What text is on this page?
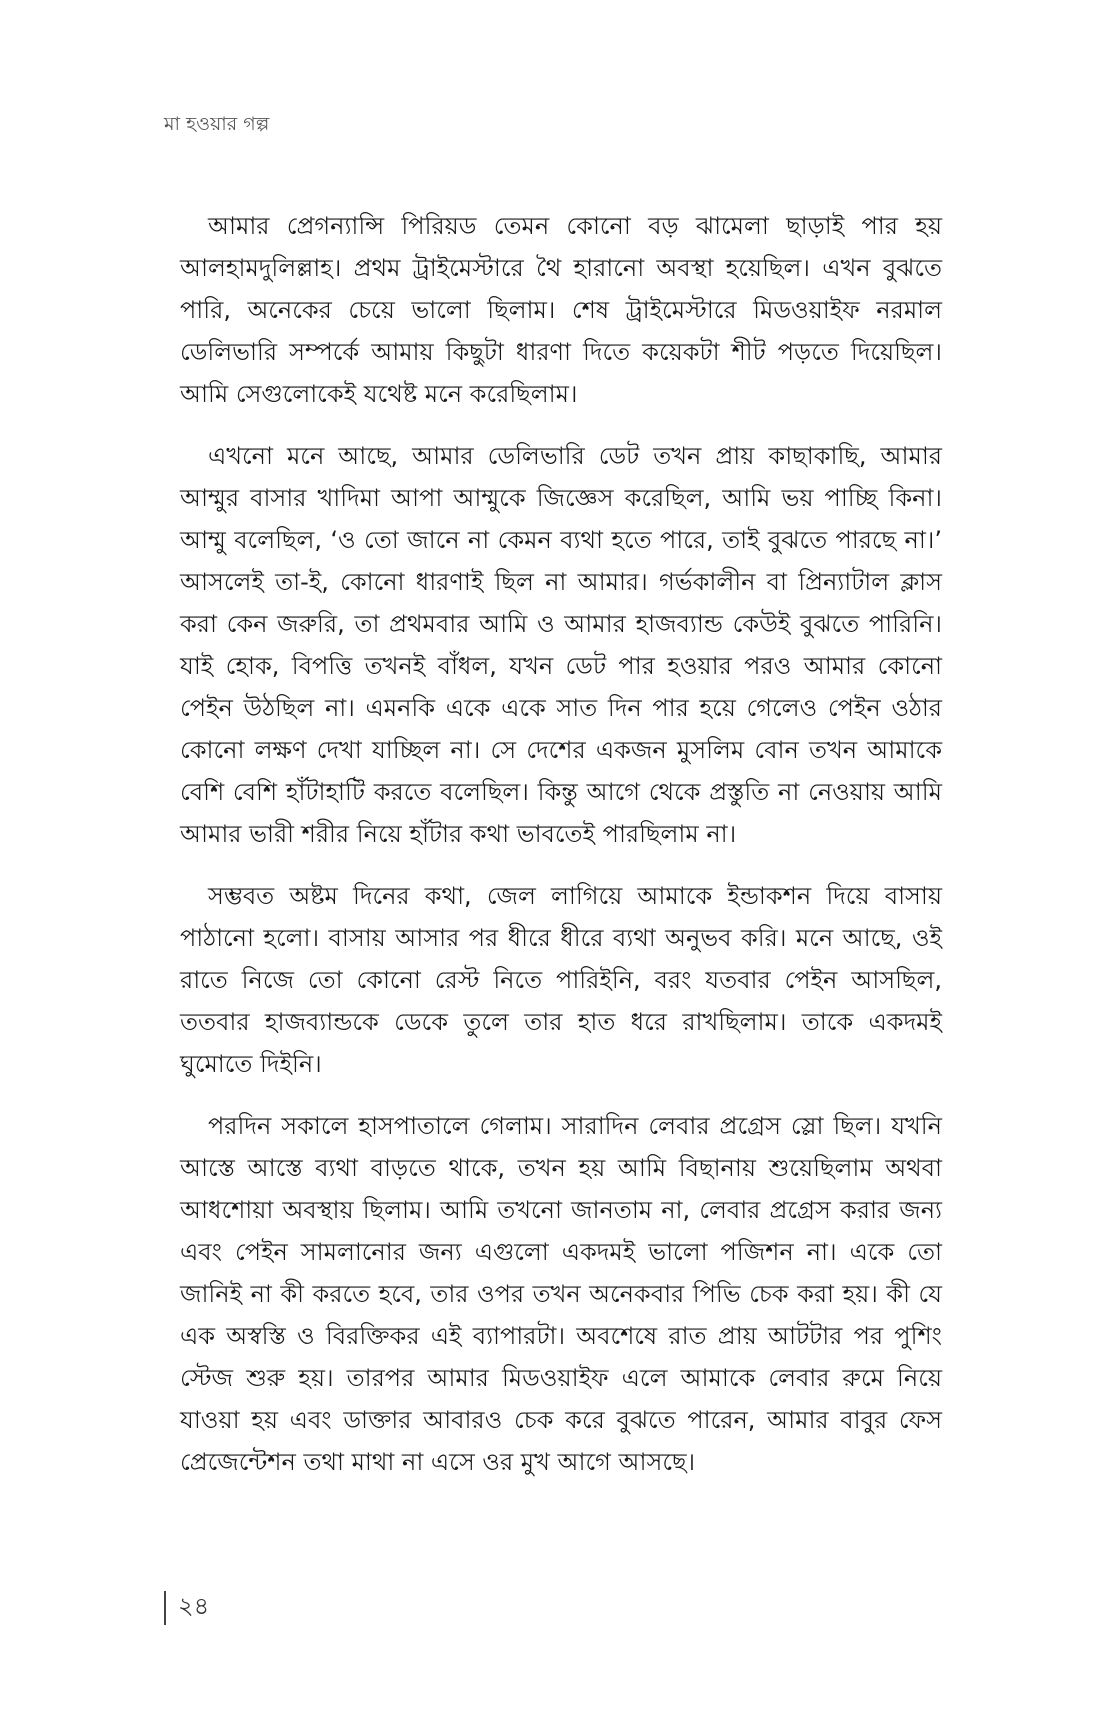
মা হওয়ার গল্প

আমার প্রেগন্যান্সি পিরিয়ড তেমন কোনো বড় ঝামেলা ছাড়াই পার হয় আলহামদুলিল্লাহ। প্রথম ট্রাইমেস্টারে থৈ হারানো অবস্থা হয়েছিল। এখন বুঝতে পারি, অনেকের চেয়ে ভালো ছিলাম। শেষ ট্রাইমেস্টারে মিডওয়াইফ নরমাল ডেলিভারি সম্পর্কে আমায় কিছুটা ধারণা দিতে কয়েকটা শীট পড়তে দিয়েছিল। আমি সেগুলোকেই যথেষ্ট মনে করেছিলাম।

এখনো মনে আছে, আমার ডেলিভারি ডেট তখন প্রায় কাছাকাছি, আমার আম্মুর বাসার খাদিমা আপা আম্মুকে জিজ্ঞেস করেছিল, আমি ভয় পাচ্ছি কিনা। আম্মু বলেছিল, ‘ও তো জানে না কেমন ব্যথা হতে পারে, তাই বুঝতে পারছে না।’ আসলেই তা-ই, কোনো ধারণাই ছিল না আমার। গর্ভকালীন বা প্রিন্যাটাল ক্লাস করা কেন জরুরি, তা প্রথমবার আমি ও আমার হাজব্যান্ড কেউই বুঝতে পারিনি। যাই হোক, বিপত্তি তখনই বাঁধল, যখন ডেট পার হওয়ার পরও আমার কোনো পেইন উঠছিল না। এমনকি একে একে সাত দিন পার হয়ে গেলেও পেইন ওঠার কোনো লক্ষণ দেখা যাচ্ছিল না। সে দেশের একজন মুসলিম বোন তখন আমাকে বেশি বেশি হাঁটাহাটি করতে বলেছিল। কিন্তু আগে থেকে প্রস্তুতি না নেওয়ায় আমি আমার ভারী শরীর নিয়ে হাঁটার কথা ভাবতেই পারছিলাম না।

সম্ভবত অষ্টম দিনের কথা, জেল লাগিয়ে আমাকে ইন্ডাকশন দিয়ে বাসায় পাঠানো হলো। বাসায় আসার পর ধীরে ধীরে ব্যথা অনুভব করি। মনে আছে, ওই রাতে নিজে তো কোনো রেস্ট নিতে পারিইনি, বরং যতবার পেইন আসছিল, ততবার হাজব্যান্ডকে ডেকে তুলে তার হাত ধরে রাখছিলাম। তাকে একদমই ঘুমোতে দিইনি।

পরদিন সকালে হাসপাতালে গেলাম। সারাদিন লেবার প্রগ্রেস স্লো ছিল। যখনি আস্তে আস্তে ব্যথা বাড়তে থাকে, তখন হয় আমি বিছানায় শুয়েছিলাম অথবা আধশোয়া অবস্থায় ছিলাম। আমি তখনো জানতাম না, লেবার প্রগ্রেস করার জন্য এবং পেইন সামলানোর জন্য এগুলো একদমই ভালো পজিশন না। একে তো জানিই না কী করতে হবে, তার ওপর তখন অনেকবার পিভি চেক করা হয়। কী যে এক অস্বস্তি ও বিরক্তিকর এই ব্যাপারটা। অবশেষে রাত প্রায় আটটার পর পুশিং স্টেজ শুরু হয়। তারপর আমার মিডওয়াইফ এলে আমাকে লেবার রুমে নিয়ে যাওয়া হয় এবং ডাক্তার আবারও চেক করে বুঝতে পারেন, আমার বাবুর ফেস প্রেজেন্টেশন তথা মাথা না এসে ওর মুখ আগে আসছে।

২৪
